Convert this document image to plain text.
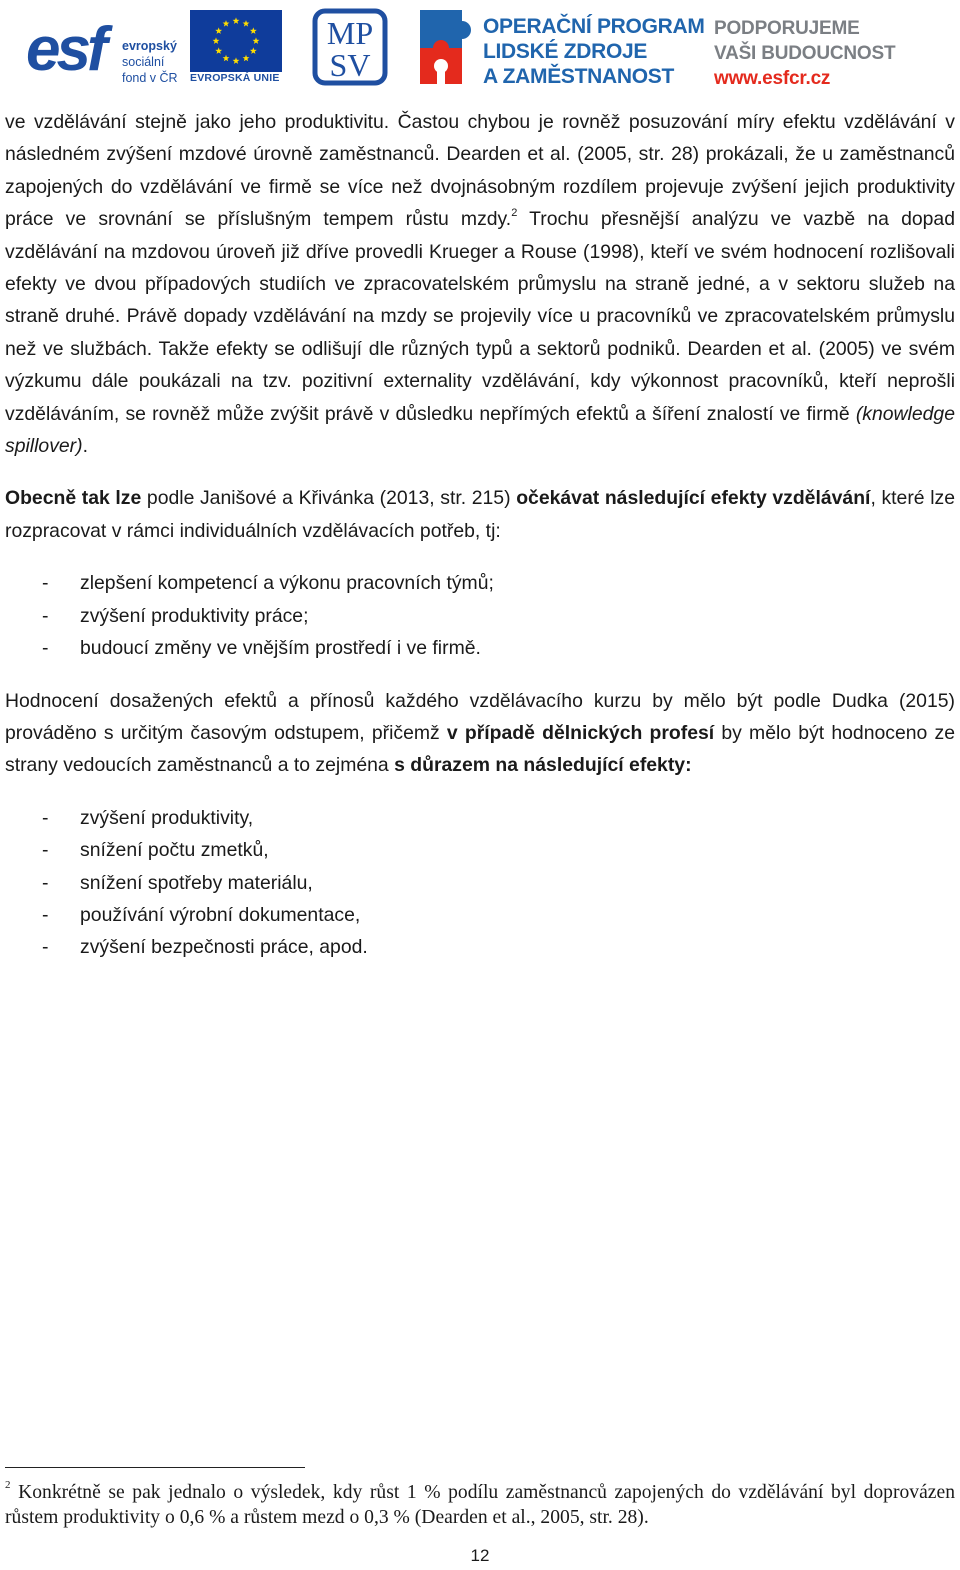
esf	evropský
sociální
fond v ČR EVROPSKÁ UNIE
MP
SV
OPERAČNÍ PROGRAM
LIDSKÉ ZDROJE
A ZAMĚSTNANOST
PODPORUJEME
VAŠI BUDOUCNOST
www.esfcr.cz

ve vzdělávání stejně jako jeho produktivitu. Častou chybou je rovněž posuzování míry efektu vzdělávání v následném zvýšení mzdové úrovně zaměstnanců. Dearden et al. (2005, str. 28) prokázali, že u zaměstnanců zapojených do vzdělávání ve firmě se více než dvojnásobným rozdílem projevuje zvýšení jejich produktivity práce ve srovnání se příslušným tempem růstu mzdy.$^2$ Trochu přesnější analýzu ve vazbě na dopad vzdělávání na mzdovou úroveň již dříve provedli Krueger a Rouse (1998), kteří ve svém hodnocení rozlišovali efekty ve dvou případových studiích ve zpracovatelském průmyslu na straně jedné, a v sektoru služeb na straně druhé. Právě dopady vzdělávání na mzdy se projevily více u pracovníků ve zpracovatelském průmyslu než ve službách. Takže efekty se odlišují dle různých typů a sektorů podniků. Dearden et al. (2005) ve svém výzkumu dále poukázali na tzv. pozitivní externality vzdělávání, kdy výkonnost pracovníků, kteří neprošli vzděláváním, se rovněž může zvýšit právě v důsledku nepřímých efektů a šíření znalostí ve firmě (knowledge spillover).

Obecně tak lze podle Janišové a Křivánka (2013, str. 215) očekávat následující efekty vzdělávání, které lze rozpracovat v rámci individuálních vzdělávacích potřeb, tj:

- zlepšení kompetencí a výkonu pracovních týmů;
- zvýšení produktivity práce;
- budoucí změny ve vnějším prostředí i ve firmě.

Hodnocení dosažených efektů a přínosů každého vzdělávacího kurzu by mělo být podle Dudka (2015) prováděno s určitým časovým odstupem, přičemž v případě dělnických profesí by mělo být hodnoceno ze strany vedoucích zaměstnanců a to zejména s důrazem na následující efekty:

- zvýšení produktivity,
- snížení počtu zmetků,
- snížení spotřeby materiálu,
- používání výrobní dokumentace,
- zvýšení bezpečnosti práce, apod.
$^2$ Konkrétně se pak jednalo o výsledek, kdy růst 1 % podílu zaměstnanců zapojených do vzdělávání byl doprovázen růstem produktivity o 0,6 % a růstem mezd o 0,3 % (Dearden et al., 2005, str. 28).
12
